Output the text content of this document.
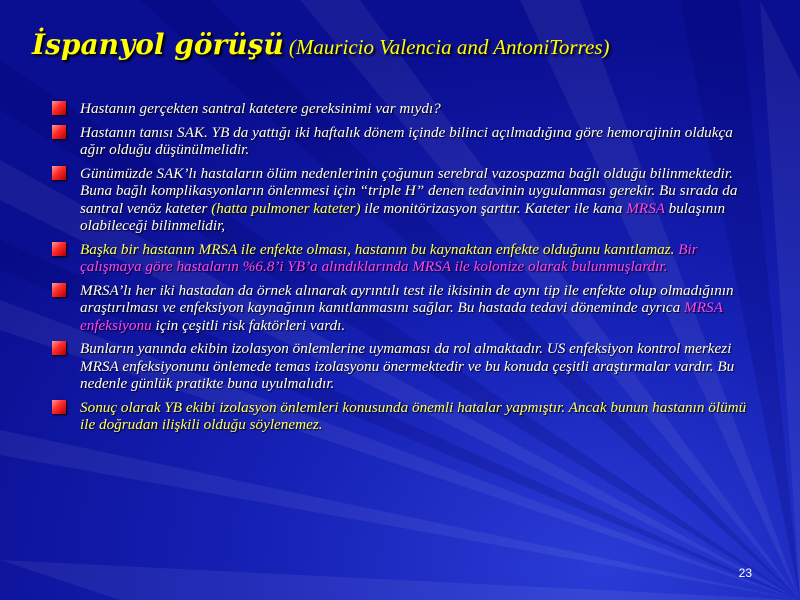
İspanyol görüşü (Mauricio Valencia and AntoniTorres)
Hastanın gerçekten santral katetere gereksinimi var mıydı?
Hastanın tanısı SAK. YB da yattığı iki haftalık dönem içinde bilinci açılmadığına göre hemorajinin oldukça ağır olduğu düşünülmelidir.
Günümüzde SAK’lı hastaların ölüm nedenlerinin çoğunun serebral vazospazma bağlı olduğu bilinmektedir. Buna bağlı komplikasyonların önlenmesi için “triple H” denen tedavinin uygulanması gerekir. Bu sırada da santral venöz kateter (hatta pulmoner kateter) ile monitörizasyon şarttır. Kateter ile kana MRSA bulaşının olabileceği bilinmelidir,
Başka bir hastanın MRSA ile enfekte olması, hastanın bu kaynaktan enfekte olduğunu kanıtlamaz. Bir çalışmaya göre hastaların %6.8’i YB’a alındıklarında MRSA ile kolonize olarak bulunmuşlardır.
MRSA’lı her iki hastadan da örnek alınarak ayrıntılı test ile ikisinin de aynı tip ile enfekte olup olmadığının araştırılması ve enfeksiyon kaynağının kanıtlanmasını sağlar. Bu hastada tedavi döneminde ayrıca MRSA enfeksiyonu için çeşitli risk faktörleri vardı.
Bunların yanında ekibin izolasyon önlemlerine uymaması da rol almaktadır. US enfeksiyon kontrol merkezi MRSA enfeksiyonunu önlemede temas izolasyonu önermektedir ve bu konuda çeşitli araştırmalar vardır. Bu nedenle günlük pratikte buna uyulmalıdır.
Sonuç olarak YB ekibi izolasyon önlemleri konusunda önemli hatalar yapmıştır. Ancak bunun hastanın ölümü ile doğrudan ilişkili olduğu söylenemez.
23
